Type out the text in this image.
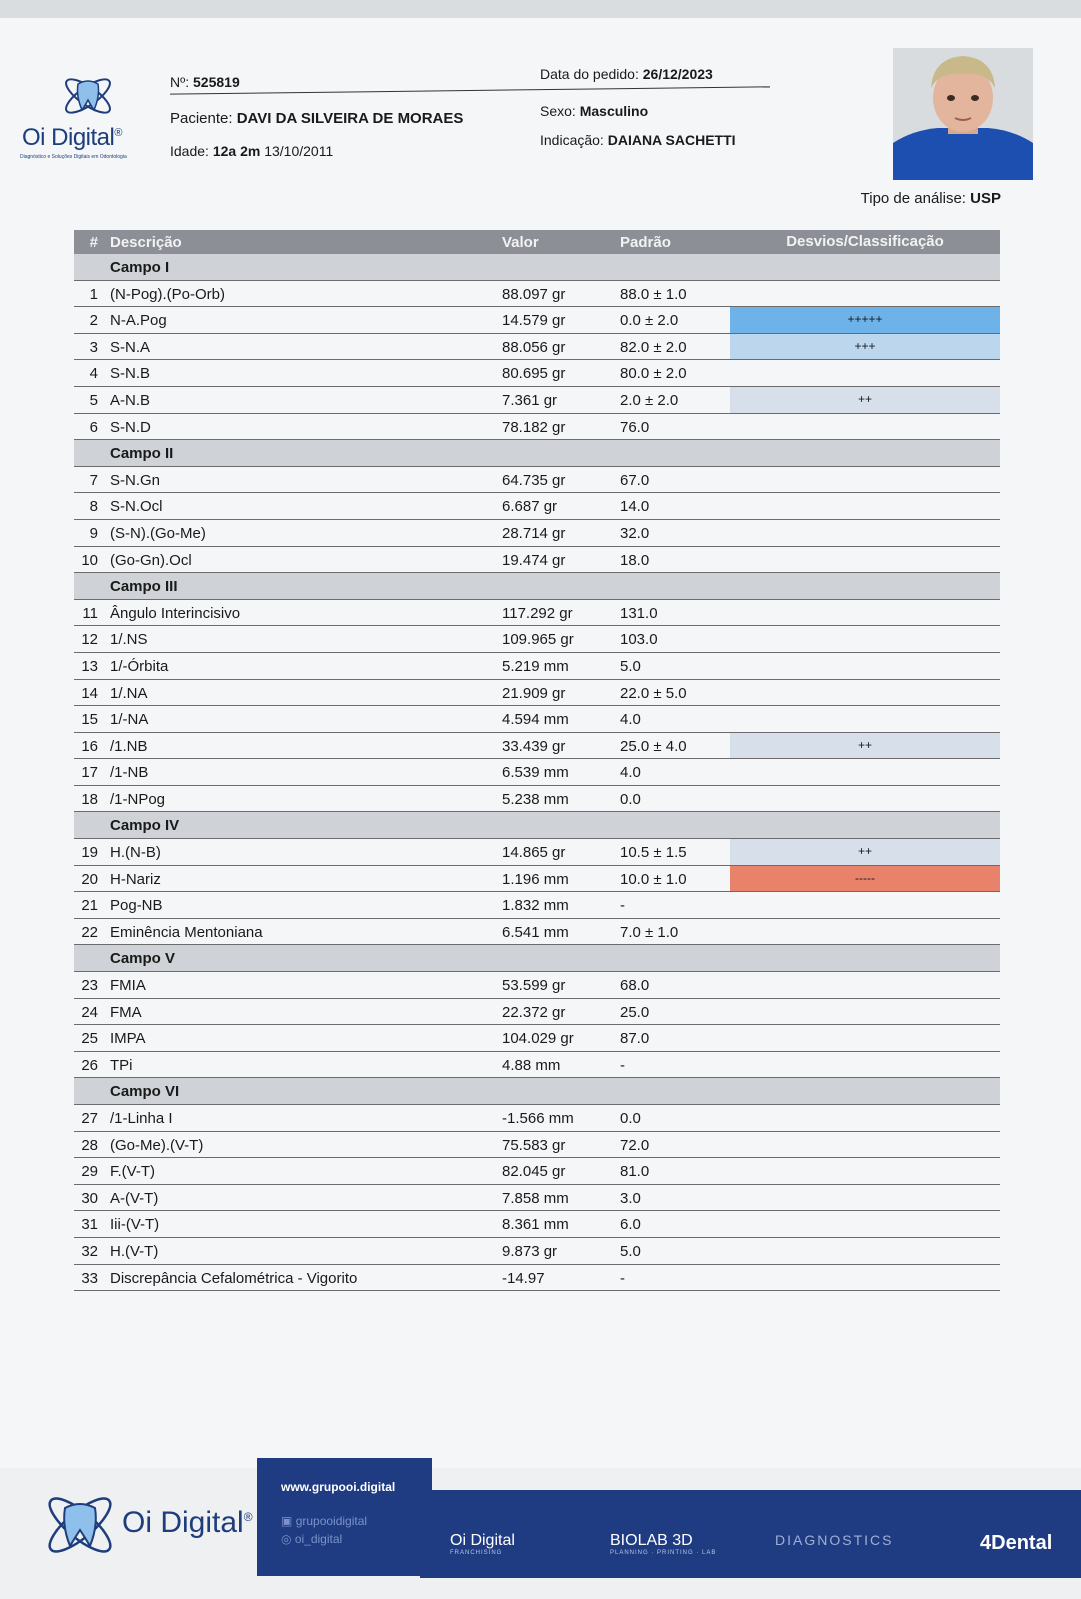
Oi Digital®
Diagnóstico e Soluções Digitais em Odontologia
Nº: 525819	Data do pedido: 26/12/2023
Paciente: DAVI DA SILVEIRA DE MORAES	Sexo: Masculino
Idade: 12a 2m 13/10/2011
Indicação: DAIANA SACHETTI
Tipo de análise: USP
# Descrição	Valor	Padrão	Desvios/Classificação
Campo I
1 (N-Pog).(Po-Orb)	88.097 gr	88.0 ± 1.0
2 N-A.Pog	14.579 gr	0.0 ± 2.0	+++++
3 S-N.A	88.056 gr	82.0 ± 2.0	+++
4 S-N.B	80.695 gr	80.0 ± 2.0
5 A-N.B	7.361 gr	2.0 ± 2.0	++
6 S-N.D	78.182 gr	76.0
Campo II
7 S-N.Gn	64.735 gr	67.0
8 S-N.Ocl	6.687 gr	14.0
9 (S-N).(Go-Me)	28.714 gr	32.0
10 (Go-Gn).Ocl	19.474 gr	18.0
Campo III
11 Ângulo Interincisivo	117.292 gr	131.0
12 1/.NS	109.965 gr	103.0
13 1/-Órbita	5.219 mm	5.0
14 1/.NA	21.909 gr	22.0 ± 5.0
15 1/-NA	4.594 mm	4.0
16 /1.NB	33.439 gr	25.0 ± 4.0	++
17 /1-NB	6.539 mm	4.0
18 /1-NPog	5.238 mm	0.0
Campo IV
19 H.(N-B)	14.865 gr	10.5 ± 1.5	++
20 H-Nariz	1.196 mm	10.0 ± 1.0	-----
21 Pog-NB	1.832 mm	-
22 Eminência Mentoniana	6.541 mm	7.0 ± 1.0
Campo V
23 FMIA	53.599 gr	68.0
24 FMA	22.372 gr	25.0
25 IMPA	104.029 gr	87.0
26 TPi	4.88 mm	-
Campo VI
27 /1-Linha I	-1.566 mm	0.0
28 (Go-Me).(V-T)	75.583 gr	72.0
29 F.(V-T)	82.045 gr	81.0
30 A-(V-T)	7.858 mm	3.0
31 Iii-(V-T)	8.361 mm	6.0
32 H.(V-T)	9.873 gr	5.0
33 Discrepância Cefalométrica - Vigorito	-14.97	-
Oi Digital®
Oi Digital
FRANCHISING
BIOLAB 3D
PLANNING · PRINTING · LAB
DIAGNOSTICS	4Dental
www.grupooi.digital
▣ grupooidigital
◎ oi_digital
